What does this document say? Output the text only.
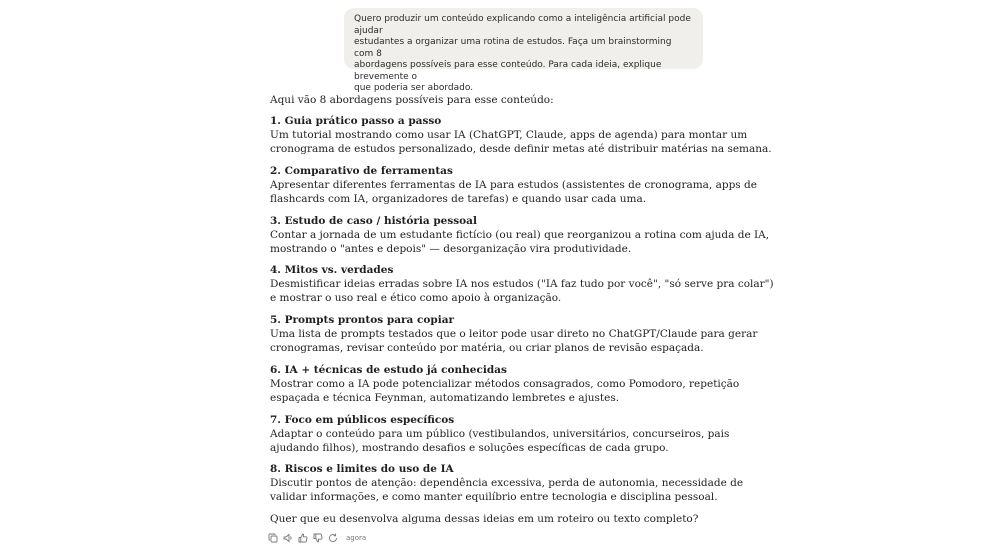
Quero produzir um conteúdo explicando como a inteligência artificial pode ajudar
estudantes a organizar uma rotina de estudos. Faça um brainstorming com 8
abordagens possíveis para esse conteúdo. Para cada ideia, explique brevemente o
que poderia ser abordado.
Aqui vão 8 abordagens possíveis para esse conteúdo:
1. Guia prático passo a passo
Um tutorial mostrando como usar IA (ChatGPT, Claude, apps de agenda) para montar um
cronograma de estudos personalizado, desde definir metas até distribuir matérias na semana.
2. Comparativo de ferramentas
Apresentar diferentes ferramentas de IA para estudos (assistentes de cronograma, apps de
flashcards com IA, organizadores de tarefas) e quando usar cada uma.
3. Estudo de caso / história pessoal
Contar a jornada de um estudante fictício (ou real) que reorganizou a rotina com ajuda de IA,
mostrando o "antes e depois" — desorganização vira produtividade.
4. Mitos vs. verdades
Desmistificar ideias erradas sobre IA nos estudos ("IA faz tudo por você", "só serve pra colar")
e mostrar o uso real e ético como apoio à organização.
5. Prompts prontos para copiar
Uma lista de prompts testados que o leitor pode usar direto no ChatGPT/Claude para gerar
cronogramas, revisar conteúdo por matéria, ou criar planos de revisão espaçada.
6. IA + técnicas de estudo já conhecidas
Mostrar como a IA pode potencializar métodos consagrados, como Pomodoro, repetição
espaçada e técnica Feynman, automatizando lembretes e ajustes.
7. Foco em públicos específicos
Adaptar o conteúdo para um público (vestibulandos, universitários, concurseiros, pais
ajudando filhos), mostrando desafios e soluções específicas de cada grupo.
8. Riscos e limites do uso de IA
Discutir pontos de atenção: dependência excessiva, perda de autonomia, necessidade de
validar informações, e como manter equilíbrio entre tecnologia e disciplina pessoal.
Quer que eu desenvolva alguma dessas ideias em um roteiro ou texto completo?
agora
